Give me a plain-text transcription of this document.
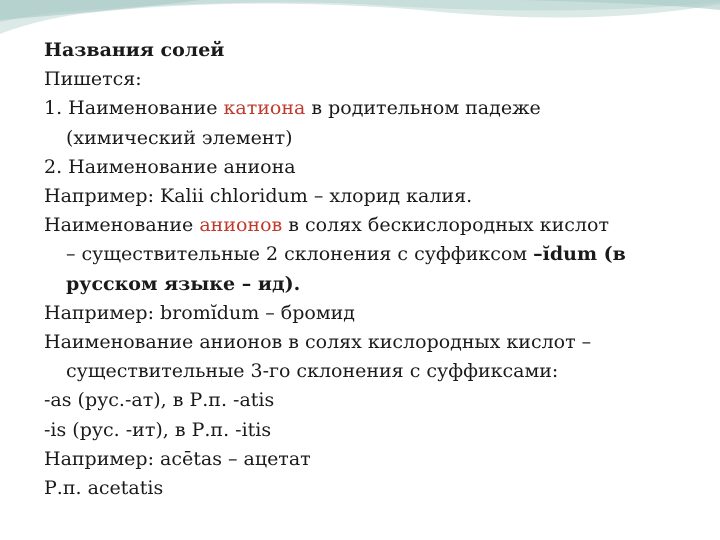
Названия солей
Пишется:
1. Наименование катиона в родительном падеже
(химический элемент)
2. Наименование аниона
Например: Kalii chloridum – хлорид калия.
Наименование анионов в солях бескислородных кислот
– существительные 2 склонения с суффиксом –ĭdum (в
русском языке – ид).
Например: bromĭdum – бромид
Наименование анионов в солях кислородных кислот –
существительные 3-го склонения с суффиксами:
-as (рус.-ат), в Р.п. -atis
-is (рус. -ит), в Р.п. -itis
Например: acētas – ацетат
Р.п. acetatis
